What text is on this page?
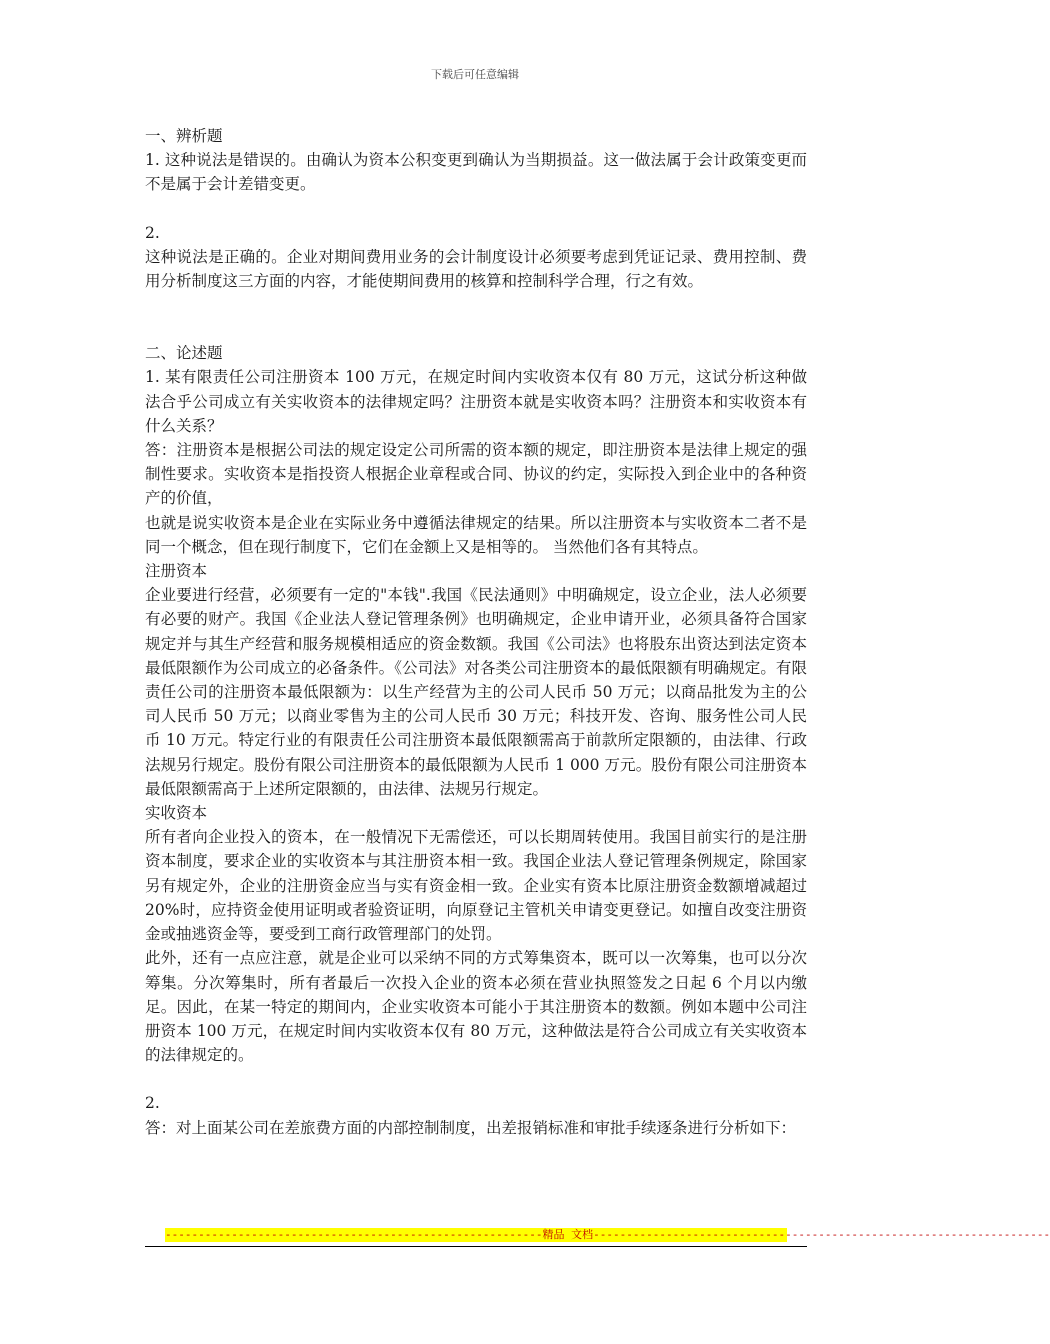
下载后可任意编辑

一、辨析题

1. 这种说法是错误的。由确认为资本公积变更到确认为当期损益。这一做法属于会计政策变更而不是属于会计差错变更。

2.

这种说法是正确的。企业对期间费用业务的会计制度设计必须要考虑到凭证记录、费用控制、费用分析制度这三方面的内容，才能使期间费用的核算和控制科学合理，行之有效。

二、论述题

1. 某有限责任公司注册资本 100 万元，在规定时间内实收资本仅有 80 万元，这试分析这种做法合乎公司成立有关实收资本的法律规定吗？注册资本就是实收资本吗？注册资本和实收资本有什么关系？

答：注册资本是根据公司法的规定设定公司所需的资本额的规定，即注册资本是法律上规定的强制性要求。实收资本是指投资人根据企业章程或合同、协议的约定，实际投入到企业中的各种资产的价值，

也就是说实收资本是企业在实际业务中遵循法律规定的结果。所以注册资本与实收资本二者不是同一个概念，但在现行制度下，它们在金额上又是相等的。 当然他们各有其特点。

注册资本

企业要进行经营，必须要有一定的"本钱".我国《民法通则》中明确规定，设立企业，法人必须要有必要的财产。我国《企业法人登记管理条例》也明确规定，企业申请开业，必须具备符合国家规定并与其生产经营和服务规模相适应的资金数额。我国《公司法》也将股东出资达到法定资本最低限额作为公司成立的必备条件。《公司法》对各类公司注册资本的最低限额有明确规定。有限责任公司的注册资本最低限额为：以生产经营为主的公司人民币 50 万元；以商品批发为主的公司人民币 50 万元；以商业零售为主的公司人民币 30 万元；科技开发、咨询、服务性公司人民币 10 万元。特定行业的有限责任公司注册资本最低限额需高于前款所定限额的，由法律、行政法规另行规定。股份有限公司注册资本的最低限额为人民币 1 000 万元。股份有限公司注册资本最低限额需高于上述所定限额的，由法律、法规另行规定。

实收资本

所有者向企业投入的资本，在一般情况下无需偿还，可以长期周转使用。我国目前实行的是注册资本制度，要求企业的实收资本与其注册资本相一致。我国企业法人登记管理条例规定，除国家另有规定外，企业的注册资金应当与实有资金相一致。企业实有资本比原注册资金数额增减超过 20%时，应持资金使用证明或者验资证明，向原登记主管机关申请变更登记。如擅自改变注册资金或抽逃资金等，要受到工商行政管理部门的处罚。

此外，还有一点应注意，就是企业可以采纳不同的方式筹集资本，既可以一次筹集，也可以分次筹集。分次筹集时，所有者最后一次投入企业的资本必须在营业执照签发之日起 6 个月以内缴足。因此，在某一特定的期间内，企业实收资本可能小于其注册资本的数额。例如本题中公司注册资本 100 万元，在规定时间内实收资本仅有 80 万元，这种做法是符合公司成立有关实收资本的法律规定的。

2.

答：对上面某公司在差旅费方面的内部控制制度，出差报销标准和审批手续逐条进行分析如下：

---------------------------------------------------------精品 文档---------------------------------------------------------------------
